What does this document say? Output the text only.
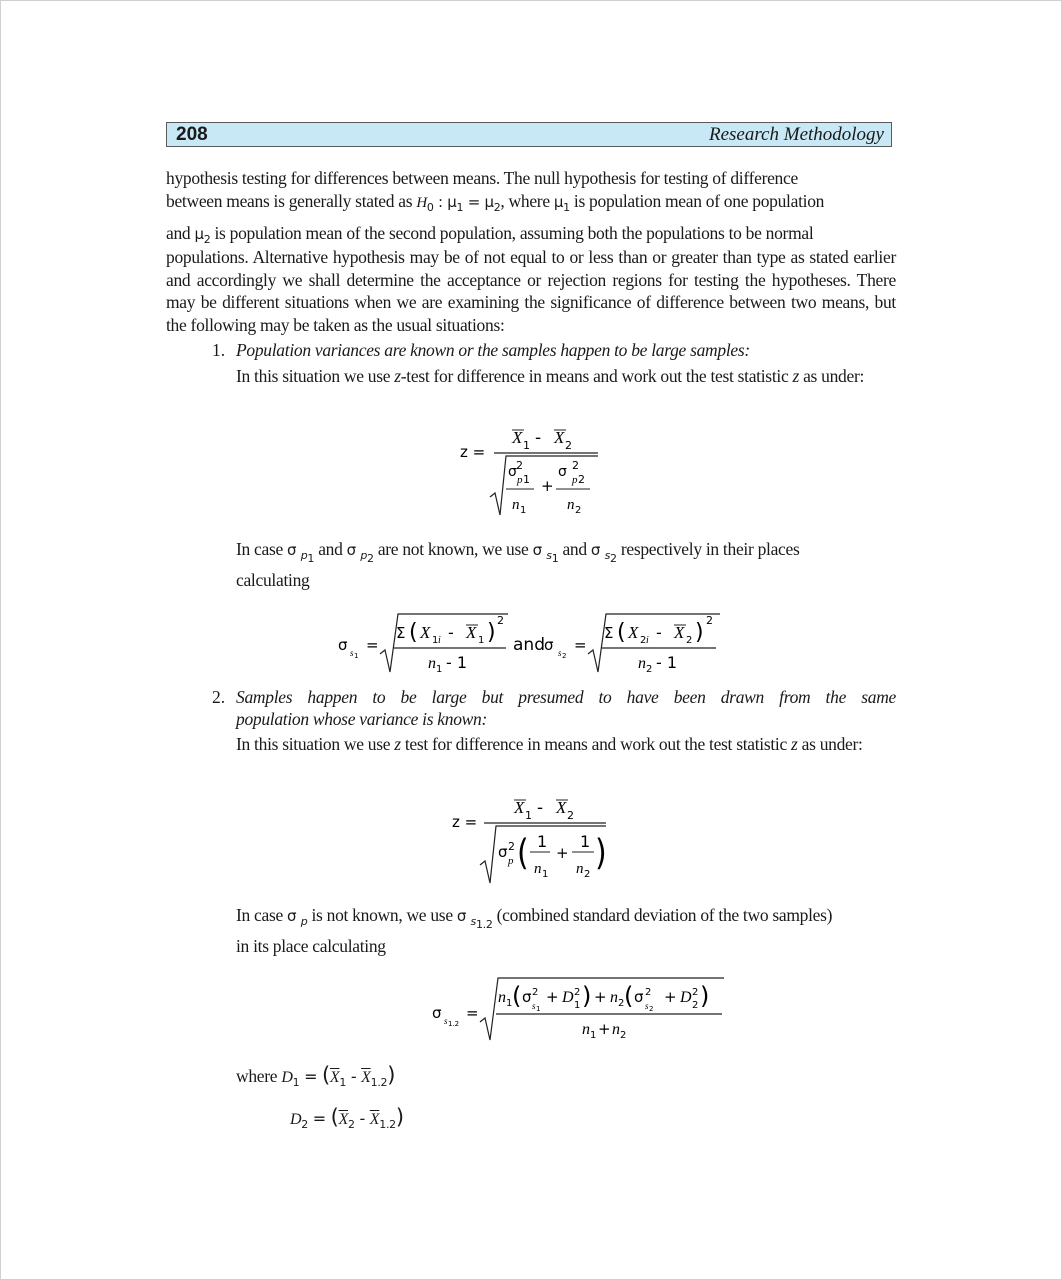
208	Research Methodology
hypothesis testing for differences between means. The null hypothesis for testing of difference
between means is generally stated as $H_0$ : $\mu_1 = \mu_2$, where $\mu_1$ is population mean of one population
and $\mu_2$ is population mean of the second population, assuming both the populations to be normal
populations. Alternative hypothesis may be of not equal to or less than or greater than type as stated earlier and accordingly we shall determine the acceptance or rejection regions for testing the hypotheses. There may be different situations when we are examining the significance of difference between two means, but the following may be taken as the usual situations:
1. Population variances are known or the samples happen to be large samples:
In this situation we use z-test for difference in means and work out the test statistic z as under:
z =
X 1 - X 2
σ 2
p 1
n 1
+
σ 2
p 2
n 2
In case σ $_{p_1}$ and σ $_{p_2}$ are not known, we use σ $_{s_1}$ and σ $_{s_2}$ respectively in their places
calculating
σ s 1
=
Σ ( X 1 i - X 1 ) 2
n 1 - 1
and σ s 2
=
Σ ( X 2 i - X 2 ) 2
n 2 - 1
2. Samples happen to be large but presumed to have been drawn from the same
population whose variance is known:
In this situation we use z test for difference in means and work out the test statistic z as under:
z =
X 1 - X 2
σ 2
p ( 1
n 1
+
1
n 2
)
In case σ $_p$ is not known, we use σ $_{s_{1.2}}$ (combined standard deviation of the two samples)
in its place calculating
σ s 1.2
=
n 1 ( σ 2
s 1
+ D 2
1 ) + n 2 ( σ 2
s 2
+ D 2
2 )
n 1 + n 2
where $D_1 = (\overline{X}_1 - \overline{X}_{1.2})$
$D_2 = (\overline{X}_2 - \overline{X}_{1.2})$
